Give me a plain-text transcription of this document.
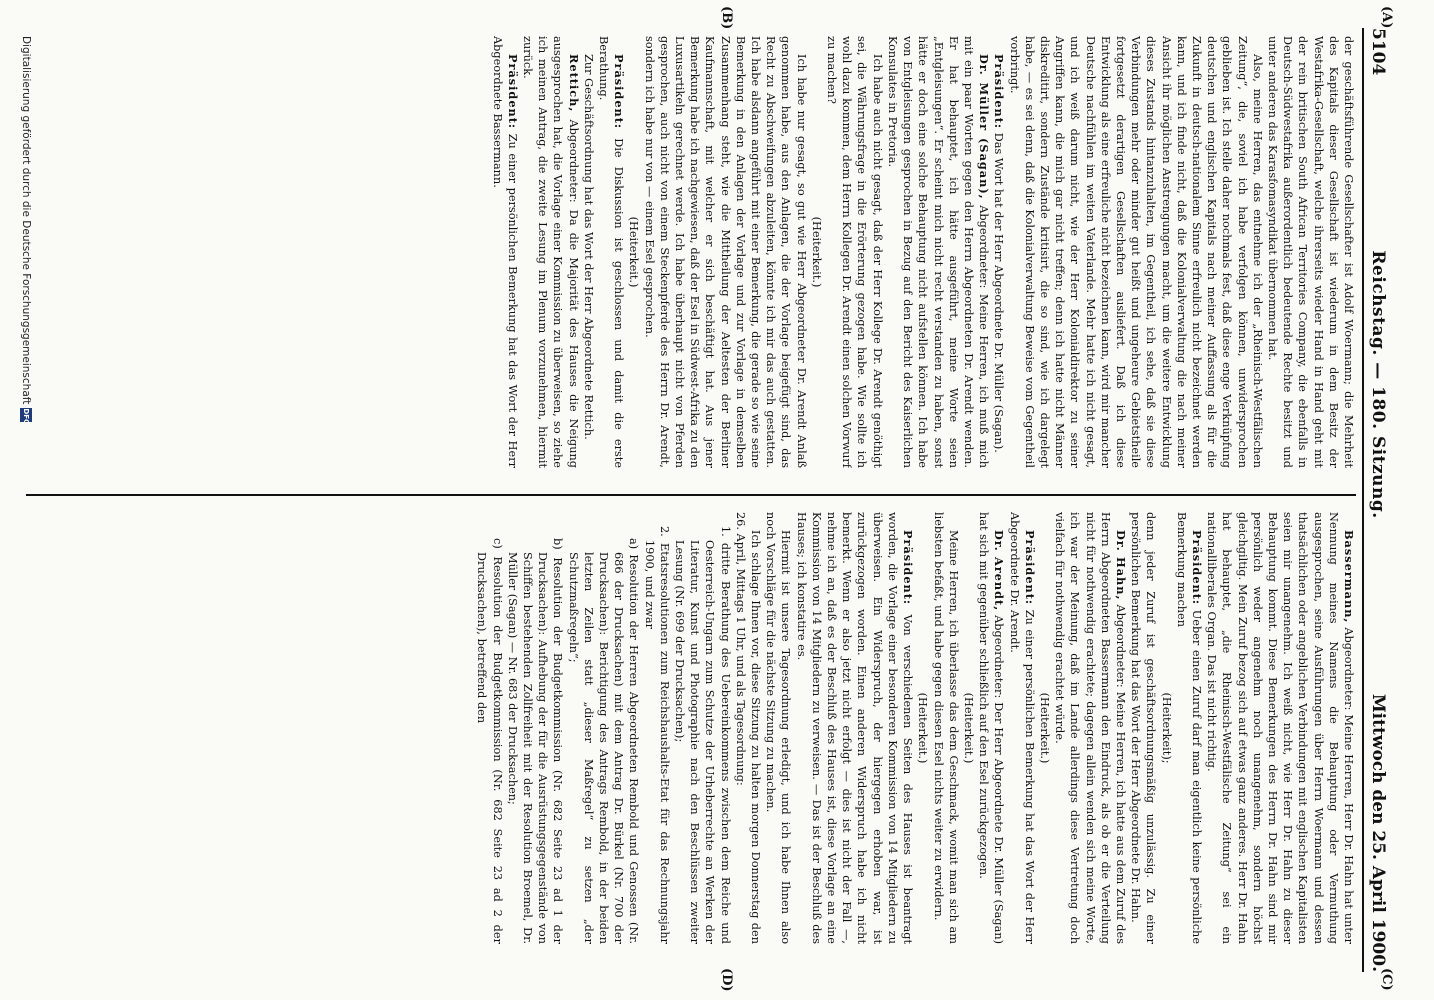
5104
Reichstag. — 180. Sitzung.
Mittwoch den 25. April 1900.
(A)
(B)
(C)
(D)

der geschäftsführende Gesellschafter ist Adolf Woermann; die Mehrheit des Kapitals dieser Gesellschaft ist wiederum in dem Besitz der Westafrika-Gesellschaft, welche ihrerseits wieder Hand in Hand geht mit der rein britischen South African Territories Company, die ebenfalls in Deutsch-Südwestafrika außerordentlich bedeutende Rechte besitzt und unter anderen das Karasfomasyndikat übernommen hat.

Also, meine Herren, das entnehme ich der „Rheinisch-Westfälischen Zeitung“, die, soviel ich habe verfolgen können, unwidersprochen geblieben ist. Ich stelle daher nochmals fest, daß diese enge Verknüpfung deutschen und englischen Kapitals nach meiner Auffassung als für die Zukunft in deutsch-nationalem Sinne erfreulich nicht bezeichnet werden kann, und ich finde nicht, daß die Kolonialverwaltung die nach meiner Ansicht ihr möglichen Anstrengungen macht, um die weitere Entwicklung dieses Zustands hintanzuhalten, im Gegentheil, ich sehe, daß sie diese Verbindungen mehr oder minder gut heißt und ungeheure Gebietstheile fortgesetzt derartigen Gesellschaften ausliefert. Daß ich diese Entwicklung als eine erfreuliche nicht bezeichnen kann, wird mir mancher Deutsche nachfühlen im weiten Vaterlande. Mehr hatte ich nicht gesagt, und ich weiß darum nicht, wie der Herr Kolonialdirektor zu seiner Angriffen kann, die mich gar nicht treffen; denn ich hatte nicht Männer diskreditirt, sondern Zustände kritisirt, die so sind, wie ich dargelegt habe, — es sei denn, daß die Kolonialverwaltung Beweise vom Gegentheil vorbringt.

Präsident: Das Wort hat der Herr Abgeordnete Dr. Müller (Sagan).

Dr. Müller (Sagan), Abgeordneter: Meine Herren, ich muß mich mit ein paar Worten gegen den Herrn Abgeordneten Dr. Arendt wenden. Er hat behauptet, ich hätte ausgeführt, meine Worte seien „Entgleisungen“. Er scheint mich nicht recht verstanden zu haben, sonst hätte er doch eine solche Behauptung nicht aufstellen können. Ich habe von Entgleisungen gesprochen in Bezug auf den Bericht des Kaiserlichen Konsulates in Pretoria.

Ich habe auch nicht gesagt, daß der Herr Kollege Dr. Arendt genöthigt sei, die Währungsfrage in die Erörterung gezogen habe. Wie sollte ich wohl dazu kommen, dem Herrn Kollegen Dr. Arendt einen solchen Vorwurf zu machen?

(Heiterkeit.)

Ich habe nur gesagt, so gut wie Herr Abgeordneter Dr. Arendt Anlaß genommen habe, aus den Anlagen, die der Vorlage beigefügt sind, das Recht zu Abschweifungen abzuleiten, könnte ich mir das auch gestatten. Ich habe alsdann angeführt mit einer Bemerkung, die gerade so wie seine Bemerkung in den Anlagen der Vorlage und zur Vorlage in demselben Zusammenhang steht, wie die Mittheilung der Aeltesten der Berliner Kaufmannschaft, mit welcher er sich beschäftigt hat. Aus jener Bemerkung habe ich nachgewiesen, daß der Esel in Südwest-Afrika zu den Luxusartikeln gerechnet werde. Ich habe überhaupt nicht von Pferden gesprochen, auch nicht von einem Steckenpferde des Herrn Dr. Arendt, sondern ich habe nur von — einem Esel gesprochen.

(Heiterkeit.)

Präsident: Die Diskussion ist geschlossen und damit die erste Berathung.

Zur Geschäftsordnung hat das Wort der Herr Abgeordnete Rettich.

Rettich, Abgeordneter: Da die Majorität des Hauses die Neigung ausgesprochen hat, die Vorlage einer Kommission zu überweisen, so ziehe ich meinen Antrag, die zweite Lesung im Plenum vorzunehmen, hiermit zurück.

Präsident: Zu einer persönlichen Bemerkung hat das Wort der Herr Abgeordnete Bassermann.

Bassermann, Abgeordneter: Meine Herren, Herr Dr. Hahn hat unter Nennung meines Namens die Behauptung oder Vermuthung ausgesprochen, seine Ausführungen über Herrn Woermann und dessen thatsächlichen oder angeblichen Verbindungen mit englischen Kapitalisten seien mir unangenehm. Ich weiß nicht, wie Herr Dr. Hahn zu dieser Behauptung kommt. Diese Bemerkungen des Herrn Dr. Hahn sind mir persönlich weder angenehm noch unangenehm, sondern höchst gleichgiltig. Mein Zuruf bezog sich auf etwas ganz anderes. Herr Dr. Hahn hat behauptet, „die Rheinisch-Westfälische Zeitung“ sei ein nationalliberales Organ. Das ist nicht richtig.

Präsident: Ueber einen Zuruf darf man eigentlich keine persönliche Bemerkung machen

(Heiterkeit);

denn jeder Zuruf ist geschäftsordnungsmäßig unzulässig. Zu einer persönlichen Bemerkung hat das Wort der Herr Abgeordnete Dr. Hahn.

Dr. Hahn, Abgeordneter: Meine Herren, ich hatte aus dem Zuruf des Herrn Abgeordneten Bassermann den Eindruck, als ob er die Verteilung nicht für nothwendig erachtete; dagegen allein wenden sich meine Worte, ich war der Meinung, daß im Lande allerdings diese Vertretung doch vielfach für nothwendig erachtet würde.

(Heiterkeit.)

Präsident: Zu einer persönlichen Bemerkung hat das Wort der Herr Abgeordnete Dr. Arendt.

Dr. Arendt, Abgeordneter: Der Herr Abgeordnete Dr. Müller (Sagan) hat sich mit gegenüber schließlich auf den Esel zurückgezogen.

(Heiterkeit.)

Meine Herren, ich überlasse das dem Geschmack, womit man sich am liebsten befaßt, und habe gegen diesen Esel nichts weiter zu erwidern.

(Heiterkeit.)

Präsident: Von verschiedenen Seiten des Hauses ist beantragt worden, die Vorlage einer besonderen Kommission von 14 Mitgliedern zu überweisen. Ein Widerspruch, der hiergegen erhoben war, ist zurückgezogen worden. Einen anderen Widerspruch habe ich nicht bemerkt. Wenn er also jetzt nicht erfolgt — dies ist nicht der Fall —, nehme ich an, daß es der Beschluß des Hauses ist, diese Vorlage an eine Kommission von 14 Mitgliedern zu verweisen. — Das ist der Beschluß des Hauses; ich konstatire es.

Hiermit ist unsere Tagesordnung erledigt, und ich habe Ihnen also noch Vorschläge für die nächste Sitzung zu machen.

Ich schlage Ihnen vor, diese Sitzung zu halten morgen Donnerstag den 26. April, Mittags 1 Uhr, und als Tagesordnung:

1. dritte Berathung des Uebereinkommens zwischen dem Reiche und Oesterreich-Ungarn zum Schutze der Urheberrechte an Werken der Literatur, Kunst und Photographie nach den Beschlüssen zweiter Lesung (Nr. 699 der Drucksachen);

2. Etatsresolutionen zum Reichshaushalts-Etat für das Rechnungsjahr 1900, und zwar

a) Resolution der Herren Abgeordneten Rembold und Genossen (Nr. 686 der Drucksachen) mit dem Antrag Dr. Bürkel (Nr. 700 der Drucksachen): Berichtigung des Antrags Rembold, in der beiden letzten Zeilen statt „dieser Maßregel“ zu setzen „der Schutzmaßregeln“;

b) Resolution der Budgetkommission (Nr. 682 Seite 23 ad 1 der Drucksachen): Aufhebung der für die Ausrüstungsgegenstände von Schiffen bestehenden Zollfreiheit mit der Resolution Broemel, Dr. Müller (Sagan) — Nr. 683 der Drucksachen;

c) Resolution der Budgetkommission (Nr. 682 Seite 23 ad 2 der Drucksachen), betreffend den

Digitalisierung gefördert durch die Deutsche Forschungsgemeinschaft
DFG
